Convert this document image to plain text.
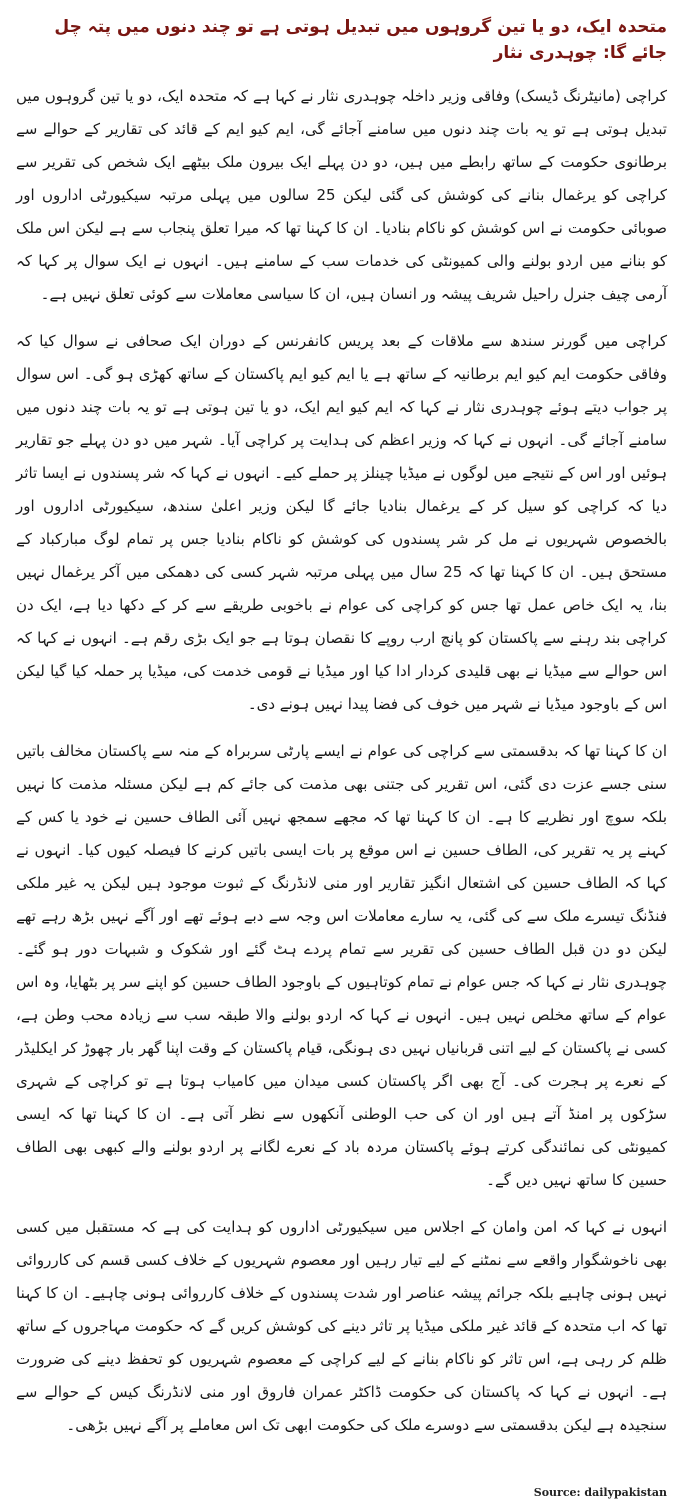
متحدہ ایک، دو یا تین گروہوں میں تبدیل ہوتی ہے تو چند دنوں میں پتہ چل جائے گا: چوہدری نثار

کراچی (مانیٹرنگ ڈیسک) وفاقی وزیر داخلہ چوہدری نثار نے کہا ہے کہ متحدہ ایک، دو یا تین گروہوں میں تبدیل ہوتی ہے تو یہ بات چند دنوں میں سامنے آجائے گی، ایم کیو ایم کے قائد کی تقاریر کے حوالے سے برطانوی حکومت کے ساتھ رابطے میں ہیں، دو دن پہلے ایک بیرون ملک بیٹھے ایک شخص کی تقریر سے کراچی کو یرغمال بنانے کی کوشش کی گئی لیکن 25 سالوں میں پہلی مرتبہ سیکیورٹی اداروں اور صوبائی حکومت نے اس کوشش کو ناکام بنادیا۔ ان کا کہنا تھا کہ میرا تعلق پنجاب سے ہے لیکن اس ملک کو بنانے میں اردو بولنے والی کمیونٹی کی خدمات سب کے سامنے ہیں۔ انہوں نے ایک سوال پر کہا کہ آرمی چیف جنرل راحیل شریف پیشہ ور انسان ہیں، ان کا سیاسی معاملات سے کوئی تعلق نہیں ہے۔

کراچی میں گورنر سندھ سے ملاقات کے بعد پریس کانفرنس کے دوران ایک صحافی نے سوال کیا کہ وفاقی حکومت ایم کیو ایم برطانیہ کے ساتھ ہے یا ایم کیو ایم پاکستان کے ساتھ کھڑی ہو گی۔ اس سوال پر جواب دیتے ہوئے چوہدری نثار نے کہا کہ ایم کیو ایم ایک، دو یا تین ہوتی ہے تو یہ بات چند دنوں میں سامنے آجائے گی۔ انہوں نے کہا کہ وزیر اعظم کی ہدایت پر کراچی آیا۔ شہر میں دو دن پہلے جو تقاریر ہوئیں اور اس کے نتیجے میں لوگوں نے میڈیا چینلز پر حملے کیے۔ انہوں نے کہا کہ شر پسندوں نے ایسا تاثر دیا کہ کراچی کو سیل کر کے یرغمال بنادیا جائے گا لیکن وزیر اعلیٰ سندھ، سیکیورٹی اداروں اور بالخصوص شہریوں نے مل کر شر پسندوں کی کوشش کو ناکام بنادیا جس پر تمام لوگ مبارکباد کے مستحق ہیں۔ ان کا کہنا تھا کہ 25 سال میں پہلی مرتبہ شہر کسی کی دھمکی میں آکر یرغمال نہیں بنا، یہ ایک خاص عمل تھا جس کو کراچی کی عوام نے باخوبی طریقے سے کر کے دکھا دیا ہے، ایک دن کراچی بند رہنے سے پاکستان کو پانچ ارب روپے کا نقصان ہوتا ہے جو ایک بڑی رقم ہے۔ انہوں نے کہا کہ اس حوالے سے میڈیا نے بھی قلیدی کردار ادا کیا اور میڈیا نے قومی خدمت کی، میڈیا پر حملہ کیا گیا لیکن اس کے باوجود میڈیا نے شہر میں خوف کی فضا پیدا نہیں ہونے دی۔

ان کا کہنا تھا کہ بدقسمتی سے کراچی کی عوام نے ایسے پارٹی سربراہ کے منہ سے پاکستان مخالف باتیں سنی جسے عزت دی گئی، اس تقریر کی جتنی بھی مذمت کی جائے کم ہے لیکن مسئلہ مذمت کا نہیں بلکہ سوچ اور نظریے کا ہے۔ ان کا کہنا تھا کہ مجھے سمجھ نہیں آئی الطاف حسین نے خود یا کس کے کہنے پر یہ تقریر کی، الطاف حسین نے اس موقع پر بات ایسی باتیں کرنے کا فیصلہ کیوں کیا۔ انہوں نے کہا کہ الطاف حسین کی اشتعال انگیز تقاریر اور منی لانڈرنگ کے ثبوت موجود ہیں لیکن یہ غیر ملکی فنڈنگ تیسرے ملک سے کی گئی، یہ سارے معاملات اس وجہ سے دبے ہوئے تھے اور آگے نہیں بڑھ رہے تھے لیکن دو دن قبل الطاف حسین کی تقریر سے تمام پردے ہٹ گئے اور شکوک و شبہات دور ہو گئے۔ چوہدری نثار نے کہا کہ جس عوام نے تمام کوتاہیوں کے باوجود الطاف حسین کو اپنے سر پر بٹھایا، وہ اس عوام کے ساتھ مخلص نہیں ہیں۔ انہوں نے کہا کہ اردو بولنے والا طبقہ سب سے زیادہ محب وطن ہے، کسی نے پاکستان کے لیے اتنی قربانیاں نہیں دی ہونگی، قیام پاکستان کے وقت اپنا گھر بار چھوڑ کر ایکلیڈر کے نعرے پر ہجرت کی۔ آج بھی اگر پاکستان کسی میدان میں کامیاب ہوتا ہے تو کراچی کے شہری سڑکوں پر امنڈ آتے ہیں اور ان کی حب الوطنی آنکھوں سے نظر آتی ہے۔ ان کا کہنا تھا کہ ایسی کمیونٹی کی نمائندگی کرتے ہوئے پاکستان مردہ باد کے نعرے لگانے پر اردو بولنے والے کبھی بھی الطاف حسین کا ساتھ نہیں دیں گے۔

انہوں نے کہا کہ امن وامان کے اجلاس میں سیکیورٹی اداروں کو ہدایت کی ہے کہ مستقبل میں کسی بھی ناخوشگوار واقعے سے نمٹنے کے لیے تیار رہیں اور معصوم شہریوں کے خلاف کسی قسم کی کارروائی نہیں ہونی چاہیے بلکہ جرائم پیشہ عناصر اور شدت پسندوں کے خلاف کارروائی ہونی چاہیے۔ ان کا کہنا تھا کہ اب متحدہ کے قائد غیر ملکی میڈیا پر تاثر دینے کی کوشش کریں گے کہ حکومت مہاجروں کے ساتھ ظلم کر رہی ہے، اس تاثر کو ناکام بنانے کے لیے کراچی کے معصوم شہریوں کو تحفظ دینے کی ضرورت ہے۔ انہوں نے کہا کہ پاکستان کی حکومت ڈاکٹر عمران فاروق اور منی لانڈرنگ کیس کے حوالے سے سنجیدہ ہے لیکن بدقسمتی سے دوسرے ملک کی حکومت ابھی تک اس معاملے پر آگے نہیں بڑھی۔

Source: dailypakistan
